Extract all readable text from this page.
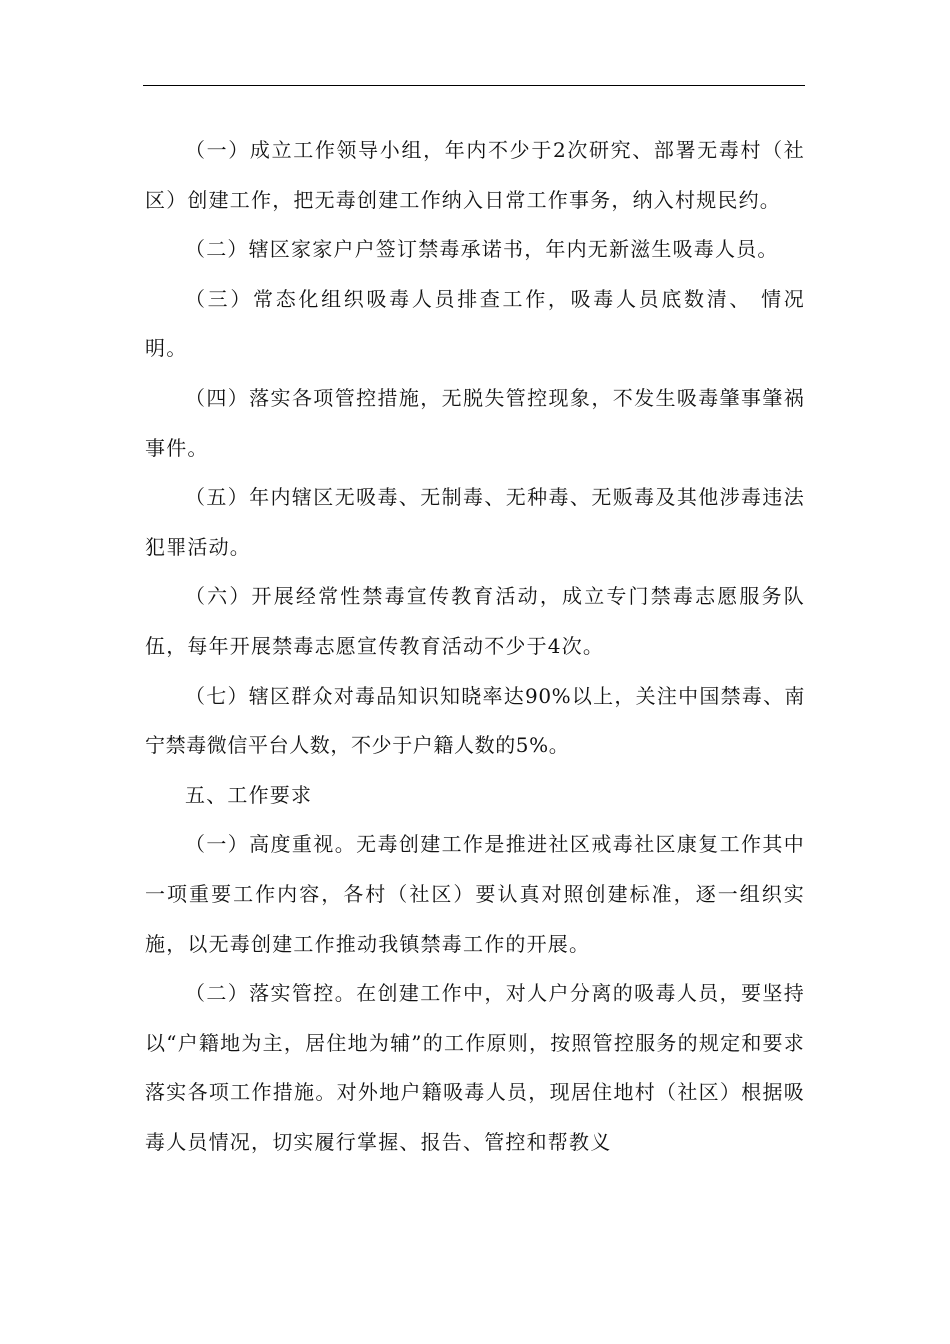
（一）成立工作领导小组，年内不少于2次研究、部署无毒村（社区）创建工作，把无毒创建工作纳入日常工作事务，纳入村规民约。

（二）辖区家家户户签订禁毒承诺书，年内无新滋生吸毒人员。

（三）常态化组织吸毒人员排查工作，吸毒人员底数清、 情况明。

（四）落实各项管控措施，无脱失管控现象，不发生吸毒肇事肇祸事件。

（五）年内辖区无吸毒、无制毒、无种毒、无贩毒及其他涉毒违法犯罪活动。

（六）开展经常性禁毒宣传教育活动，成立专门禁毒志愿服务队伍，每年开展禁毒志愿宣传教育活动不少于4次。

（七）辖区群众对毒品知识知晓率达90%以上，关注中国禁毒、南宁禁毒微信平台人数，不少于户籍人数的5%。

五、工作要求

（一）高度重视。无毒创建工作是推进社区戒毒社区康复工作其中一项重要工作内容，各村（社区）要认真对照创建标准，逐一组织实施，以无毒创建工作推动我镇禁毒工作的开展。

（二）落实管控。在创建工作中，对人户分离的吸毒人员，要坚持以“户籍地为主，居住地为辅”的工作原则，按照管控服务的规定和要求落实各项工作措施。对外地户籍吸毒人员，现居住地村（社区）根据吸毒人员情况，切实履行掌握、报告、管控和帮教义
